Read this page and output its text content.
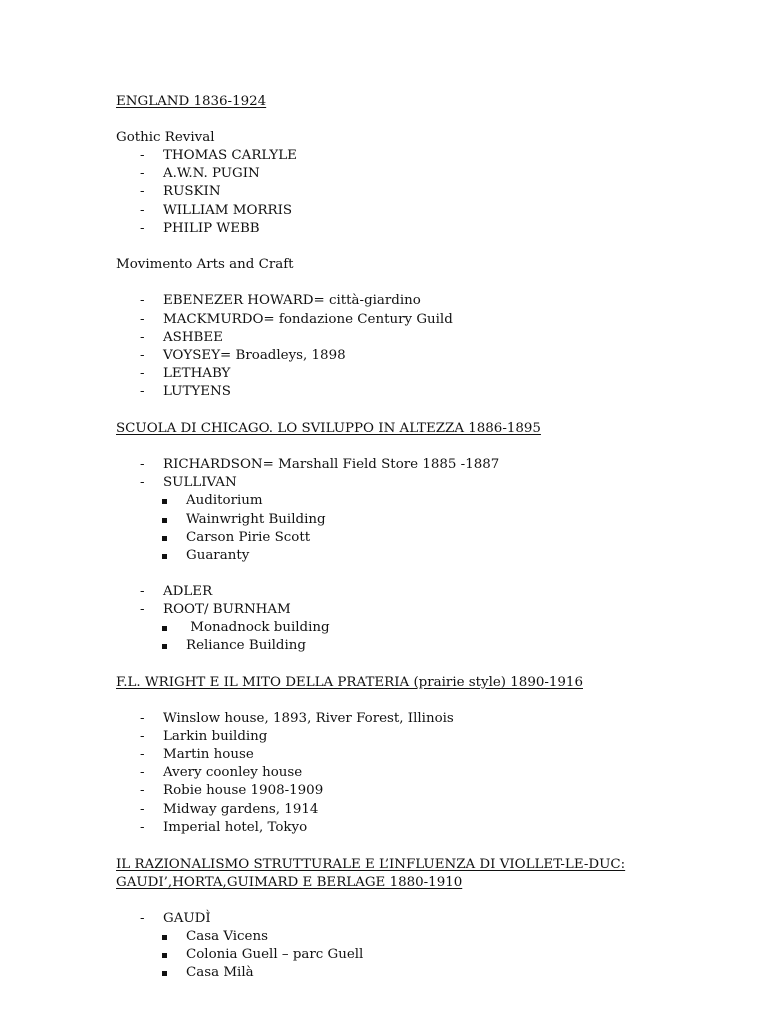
ENGLAND 1836-1924
Gothic Revival
- THOMAS CARLYLE
- A.W.N. PUGIN
- RUSKIN
- WILLIAM MORRIS
- PHILIP WEBB
Movimento Arts and Craft
- EBENEZER HOWARD= città-giardino
- MACKMURDO= fondazione Century Guild
- ASHBEE
- VOYSEY= Broadleys, 1898
- LETHABY
- LUTYENS
SCUOLA DI CHICAGO. LO SVILUPPO IN ALTEZZA 1886-1895
- RICHARDSON= Marshall Field Store 1885 -1887
- SULLIVAN
Auditorium
Wainwright Building
Carson Pirie Scott
Guaranty
- ADLER
- ROOT/ BURNHAM
Monadnock building
Reliance Building
F.L. WRIGHT E IL MITO DELLA PRATERIA (prairie style) 1890-1916
- Winslow house, 1893, River Forest, Illinois
- Larkin building
- Martin house
- Avery coonley house
- Robie house 1908-1909
- Midway gardens, 1914
- Imperial hotel, Tokyo
IL RAZIONALISMO STRUTTURALE E L’INFLUENZA DI VIOLLET-LE-DUC:
GAUDI’,HORTA,GUIMARD E BERLAGE 1880-1910
- GAUDÌ
Casa Vicens
Colonia Guell – parc Guell
Casa Milà
